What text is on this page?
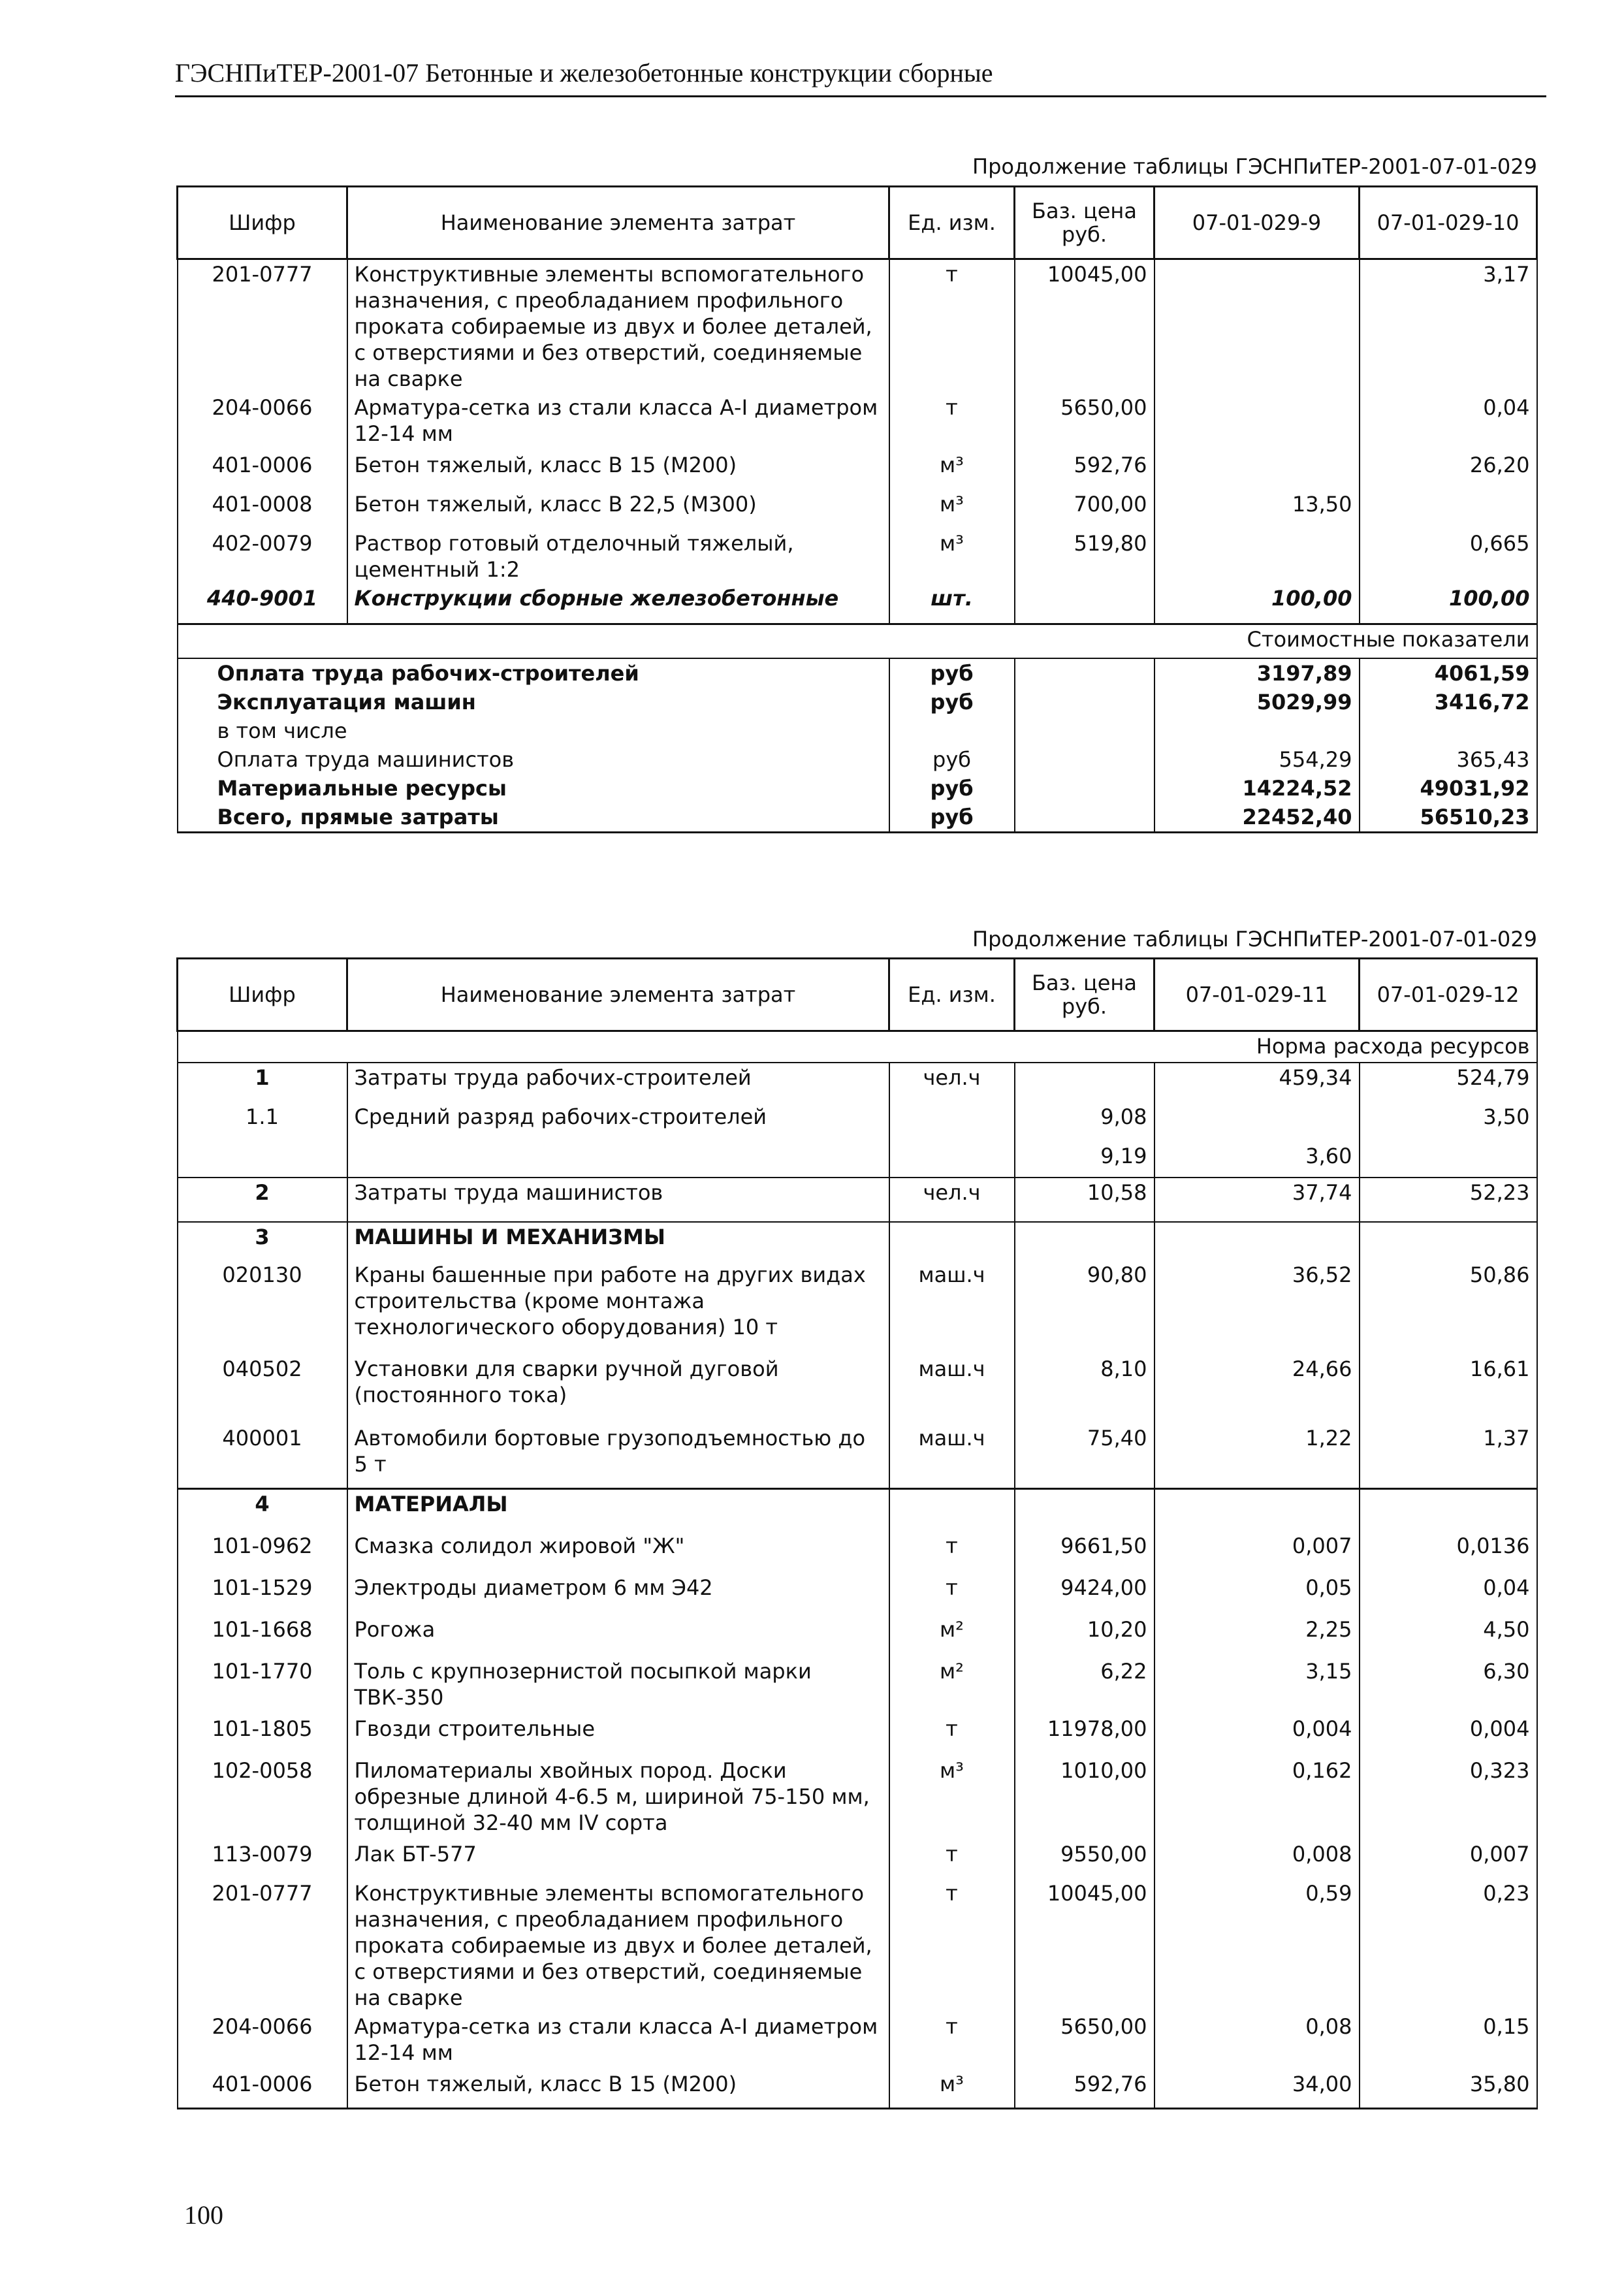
ГЭСНПиТЕР-2001-07 Бетонные и железобетонные конструкции сборные
Продолжение таблицы ГЭСНПиТЕР-2001-07-01-029
Шифр	Наименование элемента затрат	Ед. изм.	Баз. цена руб.	07-01-029-9	07-01-029-10
201-0777	Конструктивные элементы вспомогательного назначения, с преобладанием профильного проката собираемые из двух и более деталей, с отверстиями и без отверстий, соединяемые на сварке	т	10045,00		3,17
204-0066	Арматура-сетка из стали класса А-I диаметром 12-14 мм	т	5650,00		0,04
401-0006	Бетон тяжелый, класс В 15 (М200)	м³	592,76		26,20
401-0008	Бетон тяжелый, класс В 22,5 (М300)	м³	700,00	13,50	
402-0079	Раствор готовый отделочный тяжелый, цементный 1:2	м³	519,80		0,665
440-9001	Конструкции сборные железобетонные	шт.		100,00	100,00
Стоимостные показатели					
Оплата труда рабочих-строителей		руб		3197,89	4061,59
Эксплуатация машин		руб		5029,99	3416,72
в том числе					
Оплата труда машинистов		руб		554,29	365,43
Материальные ресурсы		руб		14224,52	49031,92
Всего, прямые затраты		руб		22452,40	56510,23
Продолжение таблицы ГЭСНПиТЕР-2001-07-01-029
Шифр	Наименование элемента затрат	Ед. изм.	Баз. цена руб.	07-01-029-11	07-01-029-12
Норма расхода ресурсов					
1	Затраты труда рабочих-строителей	чел.ч		459,34	524,79
1.1	Средний разряд рабочих-строителей		9,08		3,50
			9,19	3,60	
2	Затраты труда машинистов	чел.ч	10,58	37,74	52,23
3	МАШИНЫ И МЕХАНИЗМЫ				
020130	Краны башенные при работе на других видах строительства (кроме монтажа технологического оборудования) 10 т	маш.ч	90,80	36,52	50,86
040502	Установки для сварки ручной дуговой (постоянного тока)	маш.ч	8,10	24,66	16,61
400001	Автомобили бортовые грузоподъемностью до 5 т	маш.ч	75,40	1,22	1,37
4	МАТЕРИАЛЫ				
101-0962	Смазка солидол жировой "Ж"	т	9661,50	0,007	0,0136
101-1529	Электроды диаметром 6 мм Э42	т	9424,00	0,05	0,04
101-1668	Рогожа	м²	10,20	2,25	4,50
101-1770	Толь с крупнозернистой посыпкой марки ТВК-350	м²	6,22	3,15	6,30
101-1805	Гвозди строительные	т	11978,00	0,004	0,004
102-0058	Пиломатериалы хвойных пород. Доски обрезные длиной 4-6.5 м, шириной 75-150 мм, толщиной 32-40 мм IV сорта	м³	1010,00	0,162	0,323
113-0079	Лак БТ-577	т	9550,00	0,008	0,007
201-0777	Конструктивные элементы вспомогательного назначения, с преобладанием профильного проката собираемые из двух и более деталей, с отверстиями и без отверстий, соединяемые на сварке	т	10045,00	0,59	0,23
204-0066	Арматура-сетка из стали класса А-I диаметром 12-14 мм	т	5650,00	0,08	0,15
401-0006	Бетон тяжелый, класс В 15 (М200)	м³	592,76	34,00	35,80
100
